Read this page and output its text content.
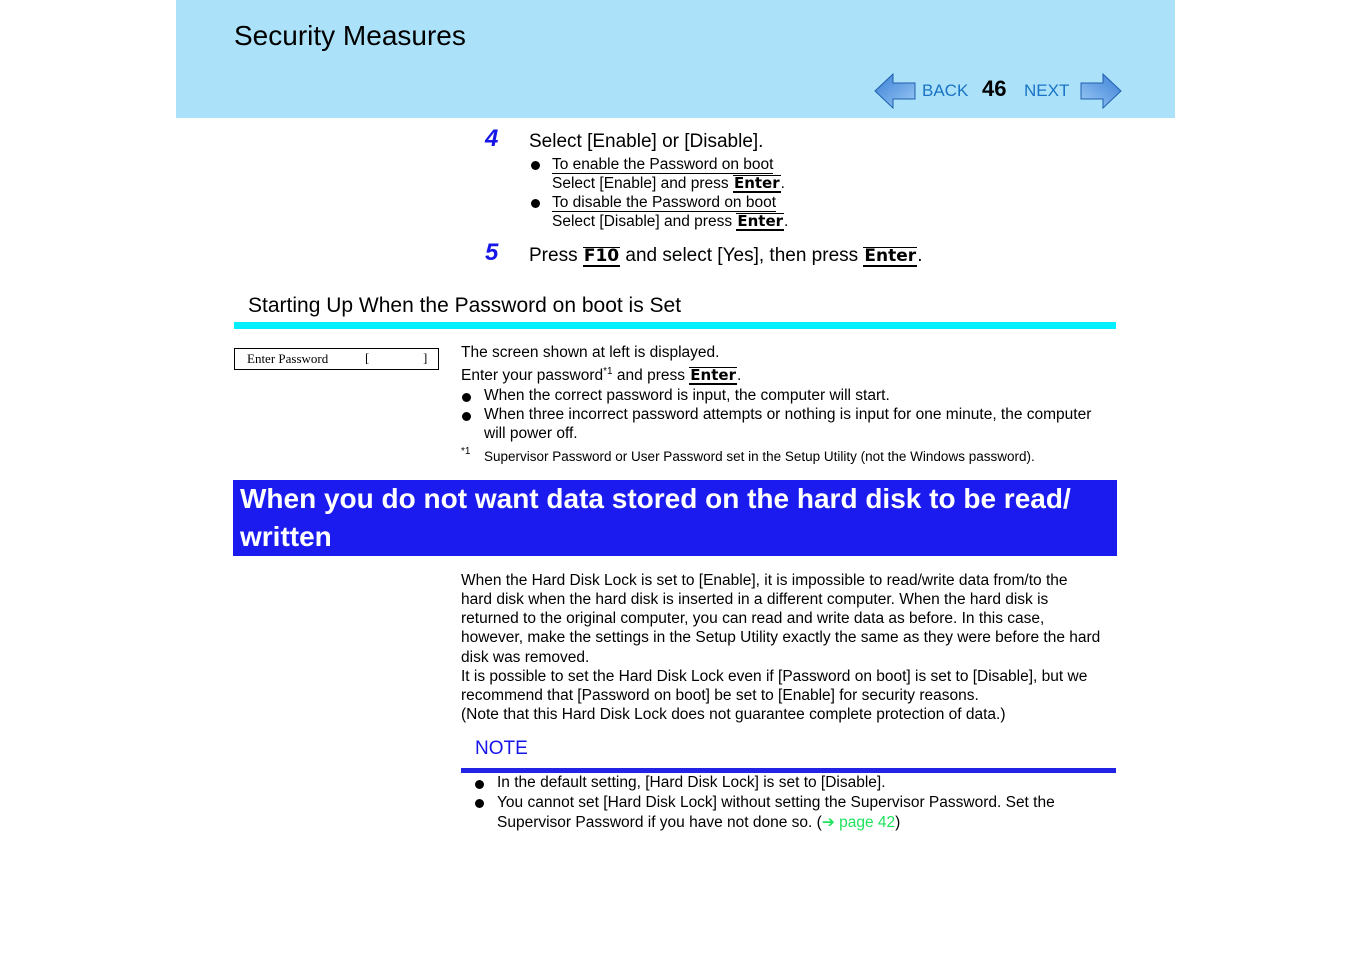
Security Measures
BACK 46 NEXT
4 Select [Enable] or [Disable].
To enable the Password on boot
Select [Enable] and press Enter.
To disable the Password on boot
Select [Disable] and press Enter.
5 Press F10 and select [Yes], then press Enter.
Starting Up When the Password on boot is Set
Enter Password	[	] The screen shown at left is displayed.
Enter your password$^{*1}$ and press Enter.
When the correct password is input, the computer will start.
When three incorrect password attempts or nothing is input for one minute, the computer
will power off.
*1 Supervisor Password or User Password set in the Setup Utility (not the Windows password).
When you do not want data stored on the hard disk to be read/
written
When the Hard Disk Lock is set to [Enable], it is impossible to read/write data from/to the
hard disk when the hard disk is inserted in a different computer. When the hard disk is
returned to the original computer, you can read and write data as before. In this case,
however, make the settings in the Setup Utility exactly the same as they were before the hard
disk was removed.
It is possible to set the Hard Disk Lock even if [Password on boot] is set to [Disable], but we
recommend that [Password on boot] be set to [Enable] for security reasons.
(Note that this Hard Disk Lock does not guarantee complete protection of data.)
NOTE
In the default setting, [Hard Disk Lock] is set to [Disable].
You cannot set [Hard Disk Lock] without setting the Supervisor Password. Set the
Supervisor Password if you have not done so. (➔ page 42)
